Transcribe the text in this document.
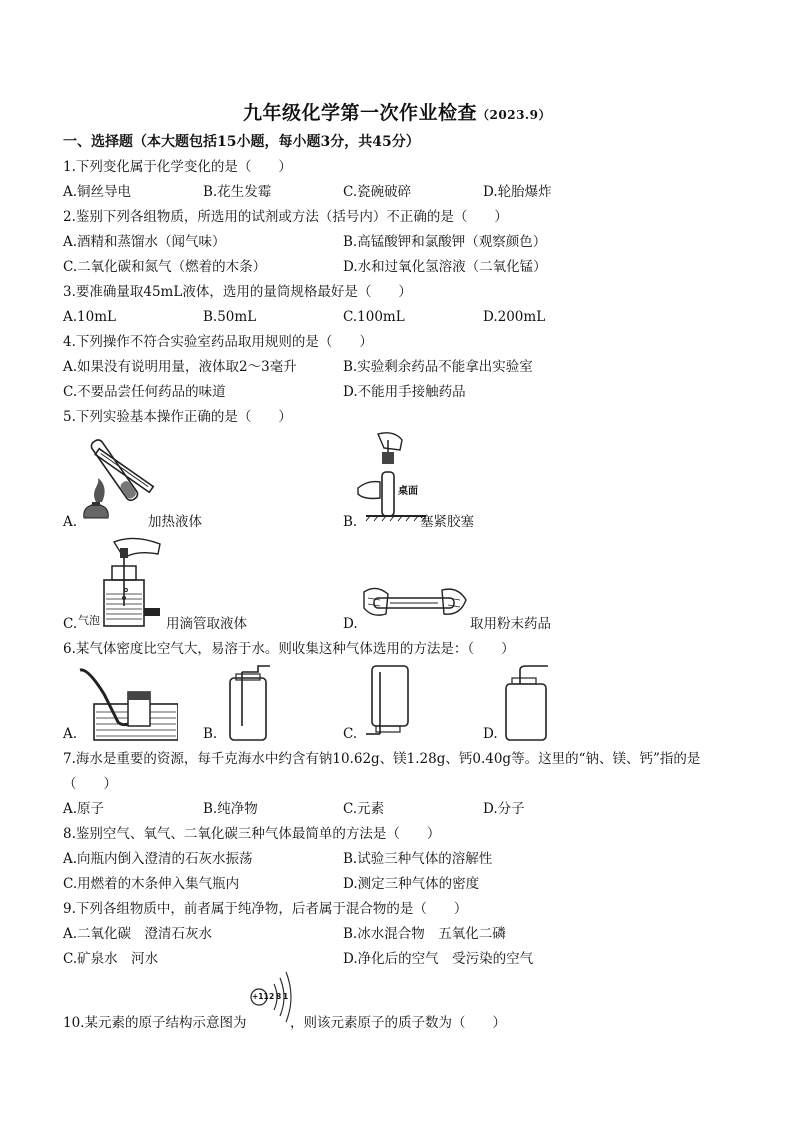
九年级化学第一次作业检查（2023.9）
一、选择题（本大题包括15小题，每小题3分，共45分）
1.下列变化属于化学变化的是（　　）
A.铜丝导电	B.花生发霉	C.瓷碗破碎	D.轮胎爆炸
2.鉴别下列各组物质，所选用的试剂或方法（括号内）不正确的是（　　）
A.酒精和蒸馏水（闻气味）	B.高锰酸钾和氯酸钾（观察颜色）
C.二氧化碳和氮气（燃着的木条）	D.水和过氧化氢溶液（二氧化锰）
3.要准确量取45mL液体，选用的量筒规格最好是（　　）
A.10mL	B.50mL	C.100mL	D.200mL
4.下列操作不符合实验室药品取用规则的是（　　）
A.如果没有说明用量，液体取2～3毫升	B.实验剩余药品不能拿出实验室
C.不要品尝任何药品的味道	D.不能用手接触药品
5.下列实验基本操作正确的是（　　）
A.	加热液体
桌面
B.	塞紧胶塞
C. 气泡	用滴管取液体	D.	取用粉末药品
6.某气体密度比空气大，易溶于水。则收集这种气体选用的方法是：（　　）
A.	B.	C.	D.
7.海水是重要的资源，每千克海水中约含有钠10.62g、镁1.28g、钙0.40g等。这里的“钠、镁、钙”指的是
（　　）
A.原子	B.纯净物	C.元素	D.分子
8.鉴别空气、氧气、二氧化碳三种气体最简单的方法是（　　）
A.向瓶内倒入澄清的石灰水振荡	B.试验三种气体的溶解性
C.用燃着的木条伸入集气瓶内	D.测定三种气体的密度
9.下列各组物质中，前者属于纯净物，后者属于混合物的是（　　）
A.二氧化碳　澄清石灰水	B.冰水混合物　五氧化二磷
C.矿泉水　河水	D.净化后的空气　受污染的空气
10.某元素的原子结构示意图为
+11 2 8 1
，则该元素原子的质子数为（　　）
